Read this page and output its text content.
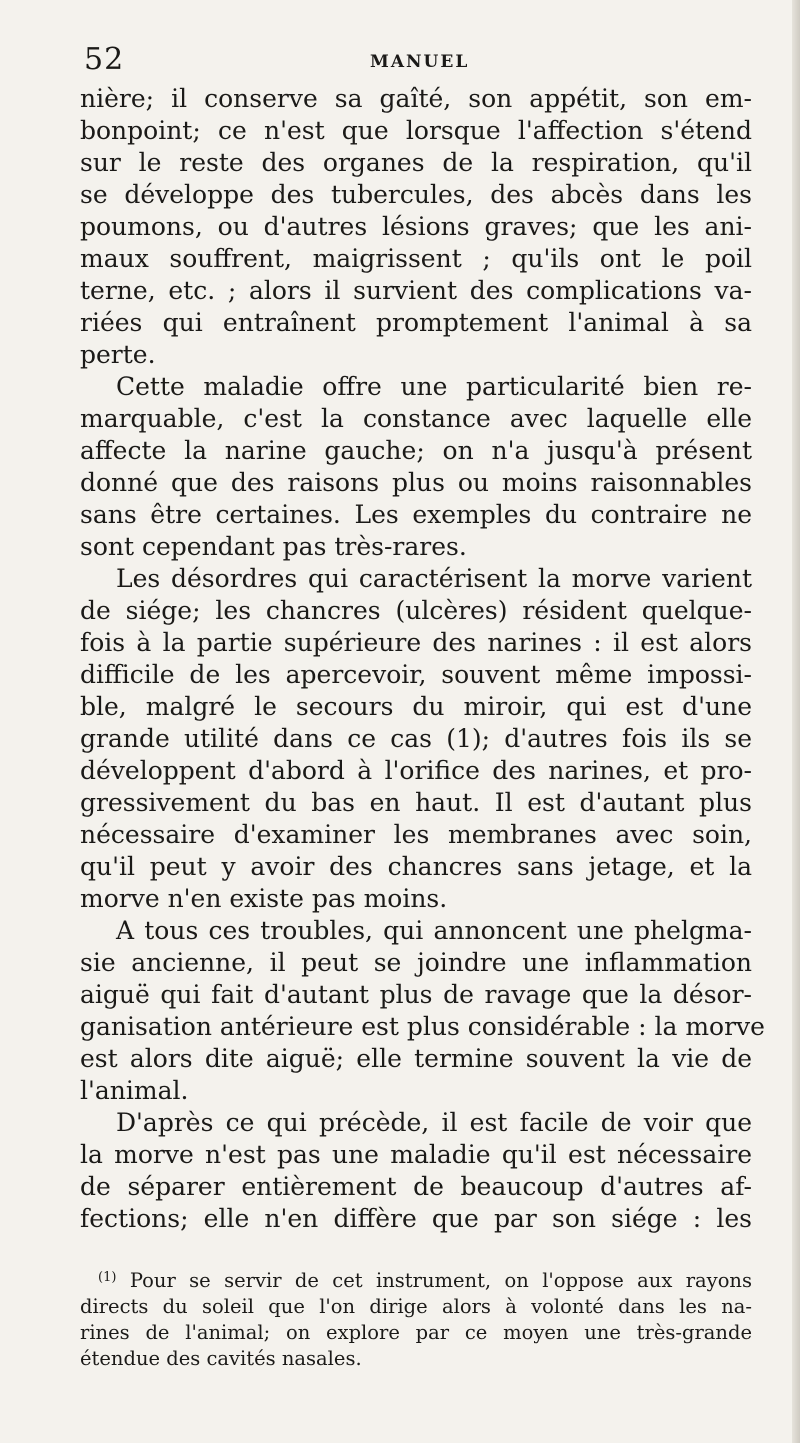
52	MANUEL
nière; il conserve sa gaîté, son appétit, son em-
bonpoint; ce n'est que lorsque l'affection s'étend
sur le reste des organes de la respiration, qu'il
se développe des tubercules, des abcès dans les
poumons, ou d'autres lésions graves; que les ani-
maux souffrent, maigrissent ; qu'ils ont le poil
terne, etc. ; alors il survient des complications va-
riées qui entraînent promptement l'animal à sa
perte.
Cette maladie offre une particularité bien re-
marquable, c'est la constance avec laquelle elle
affecte la narine gauche; on n'a jusqu'à présent
donné que des raisons plus ou moins raisonnables
sans être certaines. Les exemples du contraire ne
sont cependant pas très-rares.
Les désordres qui caractérisent la morve varient
de siége; les chancres (ulcères) résident quelque-
fois à la partie supérieure des narines : il est alors
difficile de les apercevoir, souvent même impossi-
ble, malgré le secours du miroir, qui est d'une
grande utilité dans ce cas (1); d'autres fois ils se
développent d'abord à l'orifice des narines, et pro-
gressivement du bas en haut. Il est d'autant plus
nécessaire d'examiner les membranes avec soin,
qu'il peut y avoir des chancres sans jetage, et la
morve n'en existe pas moins.
A tous ces troubles, qui annoncent une phelgma-
sie ancienne, il peut se joindre une inflammation
aiguë qui fait d'autant plus de ravage que la désor-
ganisation antérieure est plus considérable : la morve
est alors dite aiguë; elle termine souvent la vie de
l'animal.
D'après ce qui précède, il est facile de voir que
la morve n'est pas une maladie qu'il est nécessaire
de séparer entièrement de beaucoup d'autres af-
fections; elle n'en diffère que par son siége : les
$^{(1)}$ Pour se servir de cet instrument, on l'oppose aux rayons
directs du soleil que l'on dirige alors à volonté dans les na-
rines de l'animal; on explore par ce moyen une très-grande
étendue des cavités nasales.
